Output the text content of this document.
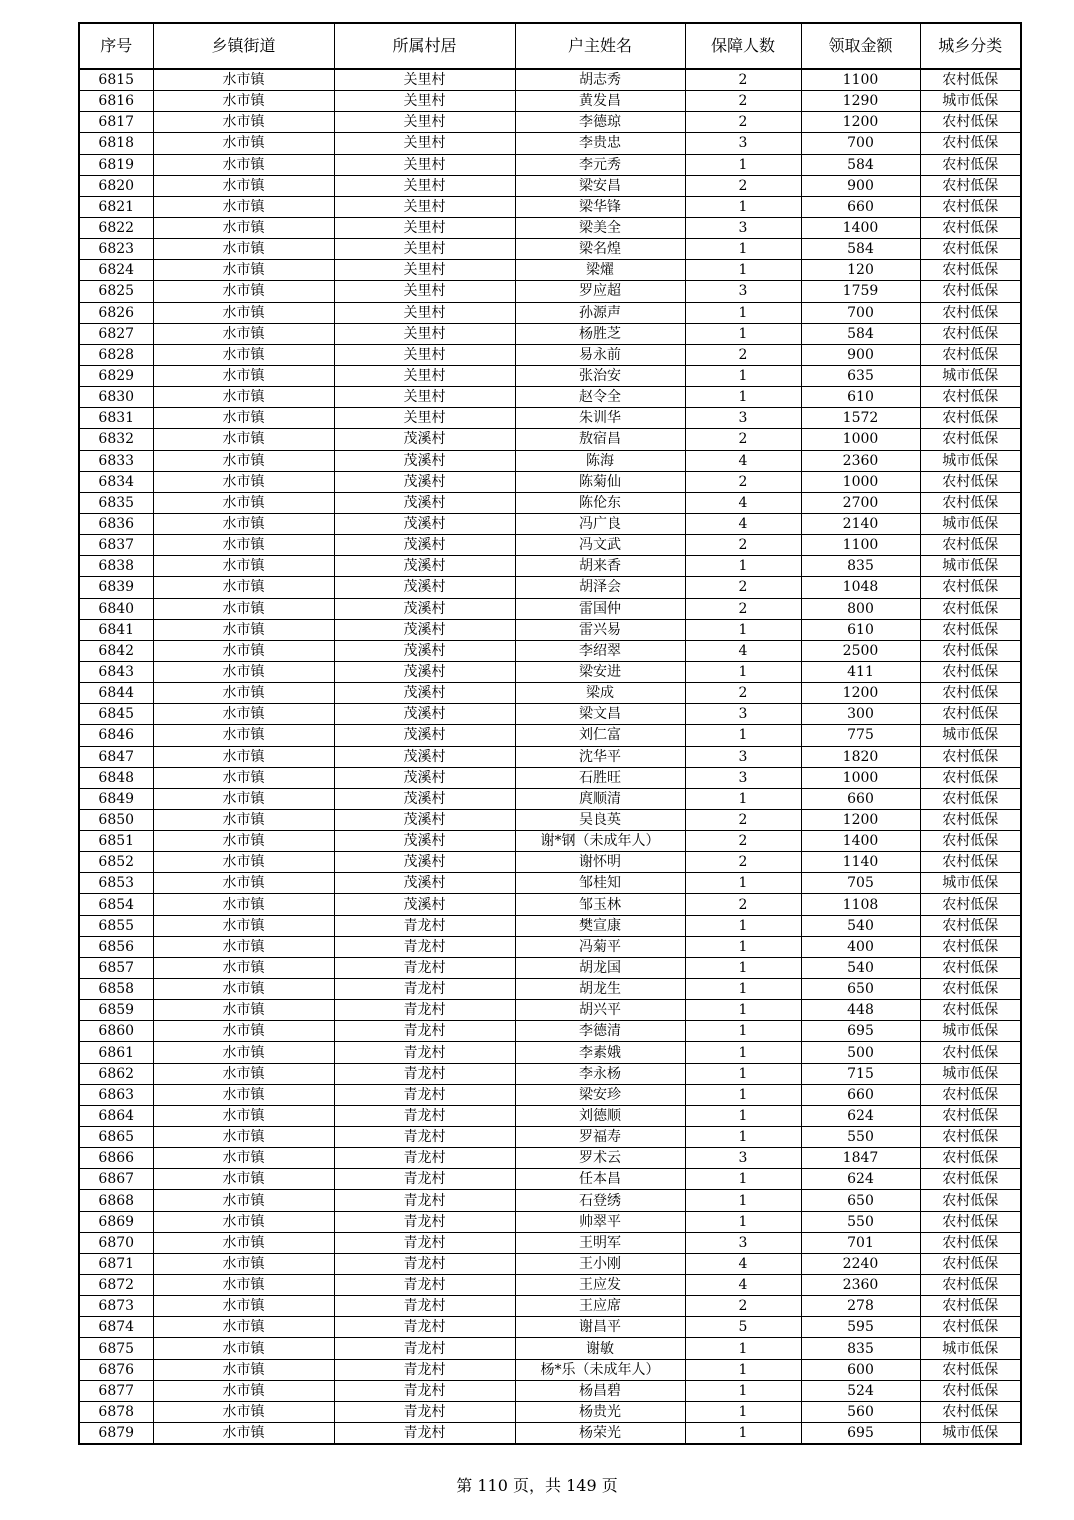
序号	乡镇街道	所属村居	户主姓名	保障人数	领取金额	城乡分类
6815	水市镇	关里村	胡志秀	2	1100	农村低保
6816	水市镇	关里村	黄发昌	2	1290	城市低保
6817	水市镇	关里村	李德琼	2	1200	农村低保
6818	水市镇	关里村	李贵忠	3	700	农村低保
6819	水市镇	关里村	李元秀	1	584	农村低保
6820	水市镇	关里村	梁安昌	2	900	农村低保
6821	水市镇	关里村	梁华锋	1	660	农村低保
6822	水市镇	关里村	梁美全	3	1400	农村低保
6823	水市镇	关里村	梁名煌	1	584	农村低保
6824	水市镇	关里村	梁燿	1	120	农村低保
6825	水市镇	关里村	罗应超	3	1759	农村低保
6826	水市镇	关里村	孙源声	1	700	农村低保
6827	水市镇	关里村	杨胜芝	1	584	农村低保
6828	水市镇	关里村	易永前	2	900	农村低保
6829	水市镇	关里村	张治安	1	635	城市低保
6830	水市镇	关里村	赵令全	1	610	农村低保
6831	水市镇	关里村	朱训华	3	1572	农村低保
6832	水市镇	茂溪村	敖宿昌	2	1000	农村低保
6833	水市镇	茂溪村	陈海	4	2360	城市低保
6834	水市镇	茂溪村	陈菊仙	2	1000	农村低保
6835	水市镇	茂溪村	陈伦东	4	2700	农村低保
6836	水市镇	茂溪村	冯广良	4	2140	城市低保
6837	水市镇	茂溪村	冯文武	2	1100	农村低保
6838	水市镇	茂溪村	胡来香	1	835	城市低保
6839	水市镇	茂溪村	胡泽会	2	1048	农村低保
6840	水市镇	茂溪村	雷国仲	2	800	农村低保
6841	水市镇	茂溪村	雷兴易	1	610	农村低保
6842	水市镇	茂溪村	李绍翠	4	2500	农村低保
6843	水市镇	茂溪村	梁安进	1	411	农村低保
6844	水市镇	茂溪村	梁成	2	1200	农村低保
6845	水市镇	茂溪村	梁文昌	3	300	农村低保
6846	水市镇	茂溪村	刘仁富	1	775	城市低保
6847	水市镇	茂溪村	沈华平	3	1820	农村低保
6848	水市镇	茂溪村	石胜旺	3	1000	农村低保
6849	水市镇	茂溪村	庹顺清	1	660	农村低保
6850	水市镇	茂溪村	吴良英	2	1200	农村低保
6851	水市镇	茂溪村	谢*钢（未成年人）	2	1400	农村低保
6852	水市镇	茂溪村	谢怀明	2	1140	农村低保
6853	水市镇	茂溪村	邹桂知	1	705	城市低保
6854	水市镇	茂溪村	邹玉林	2	1108	农村低保
6855	水市镇	青龙村	樊宣康	1	540	农村低保
6856	水市镇	青龙村	冯菊平	1	400	农村低保
6857	水市镇	青龙村	胡龙国	1	540	农村低保
6858	水市镇	青龙村	胡龙生	1	650	农村低保
6859	水市镇	青龙村	胡兴平	1	448	农村低保
6860	水市镇	青龙村	李德清	1	695	城市低保
6861	水市镇	青龙村	李素娥	1	500	农村低保
6862	水市镇	青龙村	李永杨	1	715	城市低保
6863	水市镇	青龙村	梁安珍	1	660	农村低保
6864	水市镇	青龙村	刘德顺	1	624	农村低保
6865	水市镇	青龙村	罗福寿	1	550	农村低保
6866	水市镇	青龙村	罗术云	3	1847	农村低保
6867	水市镇	青龙村	任本昌	1	624	农村低保
6868	水市镇	青龙村	石登绣	1	650	农村低保
6869	水市镇	青龙村	帅翠平	1	550	农村低保
6870	水市镇	青龙村	王明军	3	701	农村低保
6871	水市镇	青龙村	王小刚	4	2240	农村低保
6872	水市镇	青龙村	王应发	4	2360	农村低保
6873	水市镇	青龙村	王应席	2	278	农村低保
6874	水市镇	青龙村	谢昌平	5	595	农村低保
6875	水市镇	青龙村	谢敏	1	835	城市低保
6876	水市镇	青龙村	杨*乐（未成年人）	1	600	农村低保
6877	水市镇	青龙村	杨昌碧	1	524	农村低保
6878	水市镇	青龙村	杨贵光	1	560	农村低保
6879	水市镇	青龙村	杨荣光	1	695	城市低保
第 110 页，共 149 页
